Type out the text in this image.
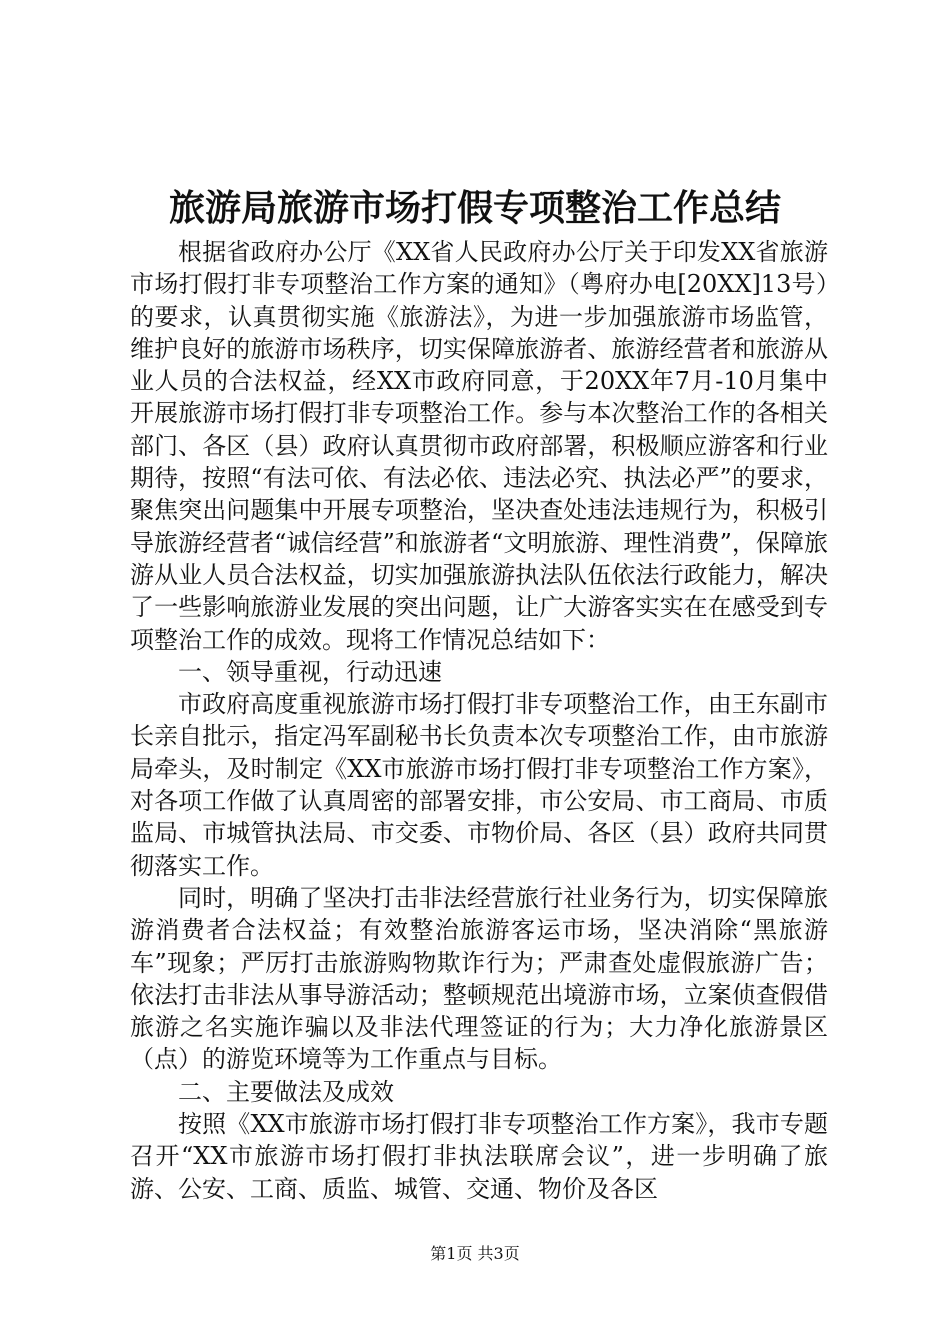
旅游局旅游市场打假专项整治工作总结

根据省政府办公厅《XX省人民政府办公厅关于印发XX省旅游市场打假打非专项整治工作方案的通知》（粤府办电[20XX]13号）的要求，认真贯彻实施《旅游法》，为进一步加强旅游市场监管，维护良好的旅游市场秩序，切实保障旅游者、旅游经营者和旅游从业人员的合法权益，经XX市政府同意，于20XX年7月-10月集中开展旅游市场打假打非专项整治工作。参与本次整治工作的各相关部门、各区（县）政府认真贯彻市政府部署，积极顺应游客和行业期待，按照“有法可依、有法必依、违法必究、执法必严”的要求，聚焦突出问题集中开展专项整治，坚决查处违法违规行为，积极引导旅游经营者“诚信经营”和旅游者“文明旅游、理性消费”，保障旅游从业人员合法权益，切实加强旅游执法队伍依法行政能力，解决了一些影响旅游业发展的突出问题，让广大游客实实在在感受到专项整治工作的成效。现将工作情况总结如下：

一、领导重视，行动迅速

市政府高度重视旅游市场打假打非专项整治工作，由王东副市长亲自批示，指定冯军副秘书长负责本次专项整治工作，由市旅游局牵头，及时制定《XX市旅游市场打假打非专项整治工作方案》，对各项工作做了认真周密的部署安排，市公安局、市工商局、市质监局、市城管执法局、市交委、市物价局、各区（县）政府共同贯彻落实工作。

同时，明确了坚决打击非法经营旅行社业务行为，切实保障旅游消费者合法权益；有效整治旅游客运市场，坚决消除“黑旅游车”现象；严厉打击旅游购物欺诈行为；严肃查处虚假旅游广告；依法打击非法从事导游活动；整顿规范出境游市场，立案侦查假借旅游之名实施诈骗以及非法代理签证的行为；大力净化旅游景区（点）的游览环境等为工作重点与目标。

二、主要做法及成效

按照《XX市旅游市场打假打非专项整治工作方案》，我市专题召开“XX市旅游市场打假打非执法联席会议”，进一步明确了旅游、公安、工商、质监、城管、交通、物价及各区

第1页 共3页
